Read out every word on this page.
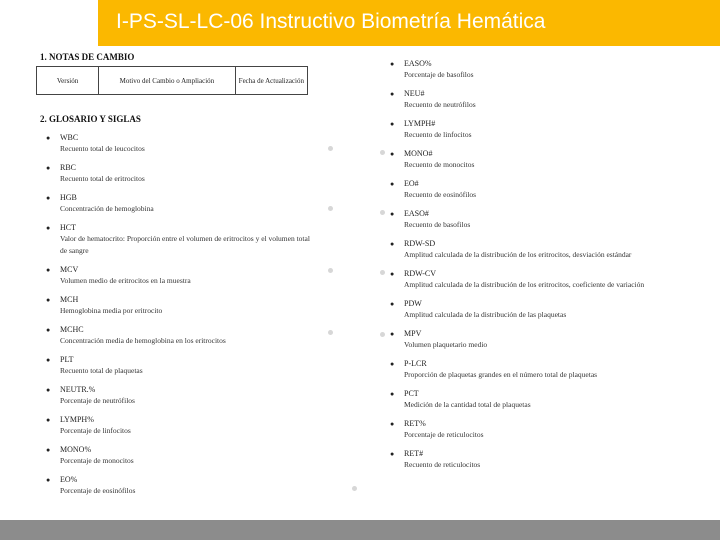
I-PS-SL-LC-06 Instructivo Biometría Hemática
1. NOTAS DE CAMBIO
Versión	Motivo del Cambio o Ampliación	Fecha de Actualización
2. GLOSARIO Y SIGLAS
●	WBC
Recuento total de leucocitos
●	RBC
Recuento total de eritrocitos
●	HGB
Concentración de hemoglobina
●	HCT
Valor de hematocrito: Proporción entre el volumen de eritrocitos y el volumen total de sangre
●	MCV
Volumen medio de eritrocitos en la muestra
●	MCH
Hemoglobina media por eritrocito
●	MCHC
Concentración media de hemoglobina en los eritrocitos
●	PLT
Recuento total de plaquetas
●	NEUTR.%
Porcentaje de neutrófilos
●	LYMPH%
Porcentaje de linfocitos
●	MONO%
Porcentaje de monocitos
●	EO%
Porcentaje de eosinófilos
●	EASO%
Porcentaje de basofilos
●	NEU#
Recuento de neutrófilos
●	LYMPH#
Recuento de linfocitos
●	MONO#
Recuento de monocitos
●	EO#
Recuento de eosinófilos
●	EASO#
Recuento de basofilos
●	RDW-SD
Amplitud calculada de la distribución de los eritrocitos, desviación estándar
●	RDW-CV
Amplitud calculada de la distribución de los eritrocitos, coeficiente de variación
●	PDW
Amplitud calculada de la distribución de las plaquetas
●	MPV
Volumen plaquetario medio
●	P-LCR
Proporción de plaquetas grandes en el número total de plaquetas
●	PCT
Medición de la cantidad total de plaquetas
●	RET%
Porcentaje de reticulocitos
●	RET#
Recuento de reticulocitos
